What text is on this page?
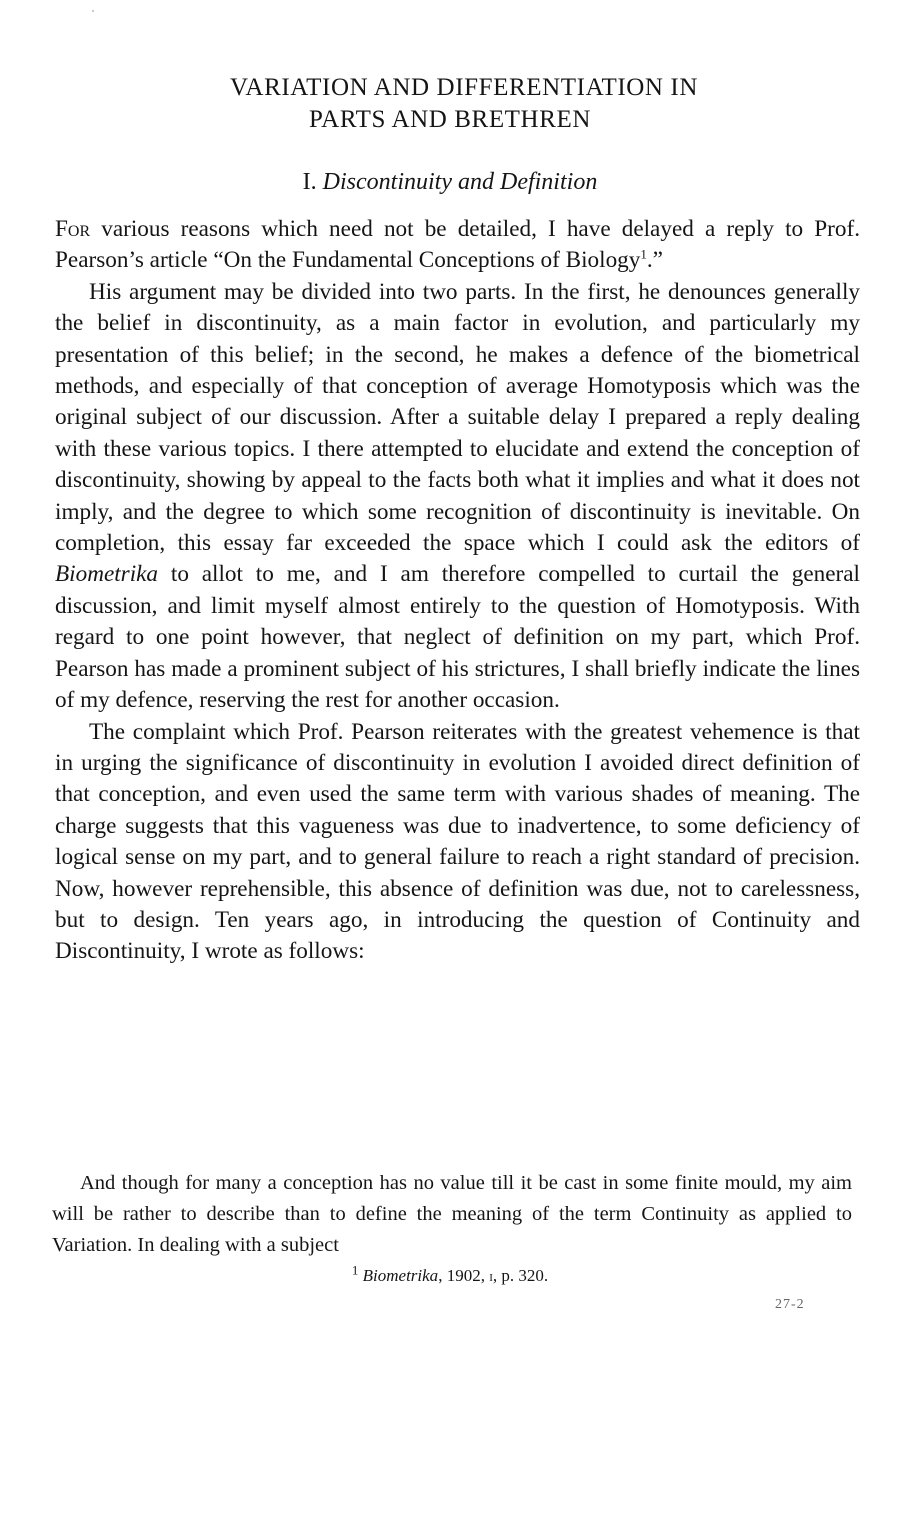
VARIATION AND DIFFERENTIATION IN
PARTS AND BRETHREN
I. Discontinuity and Definition

For various reasons which need not be detailed, I have delayed a reply to Prof. Pearson’s article “On the Fundamental Conceptions of Biology$^1$.”

His argument may be divided into two parts. In the first, he denounces generally the belief in discontinuity, as a main factor in evolution, and particularly my presentation of this belief; in the second, he makes a defence of the biometrical methods, and especially of that conception of average Homotyposis which was the original subject of our discussion. After a suitable delay I prepared a reply dealing with these various topics. I there attempted to elucidate and extend the conception of discontinuity, showing by appeal to the facts both what it implies and what it does not imply, and the degree to which some recognition of discontinuity is inevitable. On completion, this essay far exceeded the space which I could ask the editors of Biometrika to allot to me, and I am therefore compelled to curtail the general discussion, and limit myself almost entirely to the question of Homotyposis. With regard to one point however, that neglect of definition on my part, which Prof. Pearson has made a prominent subject of his strictures, I shall briefly indicate the lines of my defence, reserving the rest for another occasion.

The complaint which Prof. Pearson reiterates with the greatest vehemence is that in urging the significance of discontinuity in evolution I avoided direct definition of that conception, and even used the same term with various shades of meaning. The charge suggests that this vagueness was due to inadvertence, to some deficiency of logical sense on my part, and to general failure to reach a right standard of precision. Now, however reprehensible, this absence of definition was due, not to carelessness, but to design. Ten years ago, in introducing the question of Continuity and Discontinuity, I wrote as follows:

And though for many a conception has no value till it be cast in some finite mould, my aim will be rather to describe than to define the meaning of the term Continuity as applied to Variation. In dealing with a subject
$^1$ Biometrika, 1902, i, p. 320.
27-2
